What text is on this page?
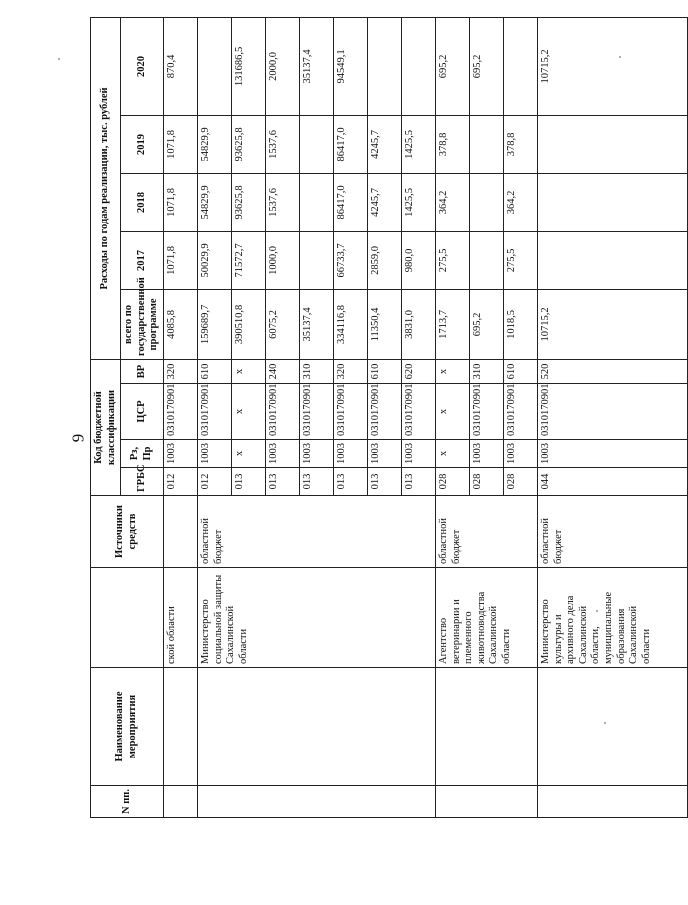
9
N пп.	Наименование мероприятия		Источники средств	Код бюджетной классификации				Расходы по годам реализации, тыс. рублей				
				ГРБС	Рз, Пр	ЦСР	ВР	всего по государственной программе	2017	2018	2019	2020
		ской области		012	1003	0310170901	320	4085,8	1071,8	1071,8	1071,8	870,4
		Министерство социальной защиты Сахалинской области	областной бюджет	012	1003	0310170901	610	159689,7	50029,9	54829,9	54829,9	
				013	х	х	х	390510,8	71572,7	93625,8	93625,8	131686,5
				013	1003	0310170901	240	6075,2	1000,0	1537,6	1537,6	2000,0
				013	1003	0310170901	310	35137,4				35137,4
				013	1003	0310170901	320	334116,8	66733,7	86417,0	86417,0	94549,1
				013	1003	0310170901	610	11350,4	2859,0	4245,7	4245,7	
				013	1003	0310170901	620	3831,0	980,0	1425,5	1425,5	
		Агентство ветеринарии и племенного животноводства Сахалинской области	областной бюджет	028	х	х	х	1713,7	275,5	364,2	378,8	695,2
				028	1003	0310170901	310	695,2				695,2
				028	1003	0310170901	610	1018,5	275,5	364,2	378,8	
		Министерство культуры и архивного дела Сахалинской области, муниципальные образования Сахалинской области	областной бюджет	044	1003	0310170901	520	10715,2				10715,2
